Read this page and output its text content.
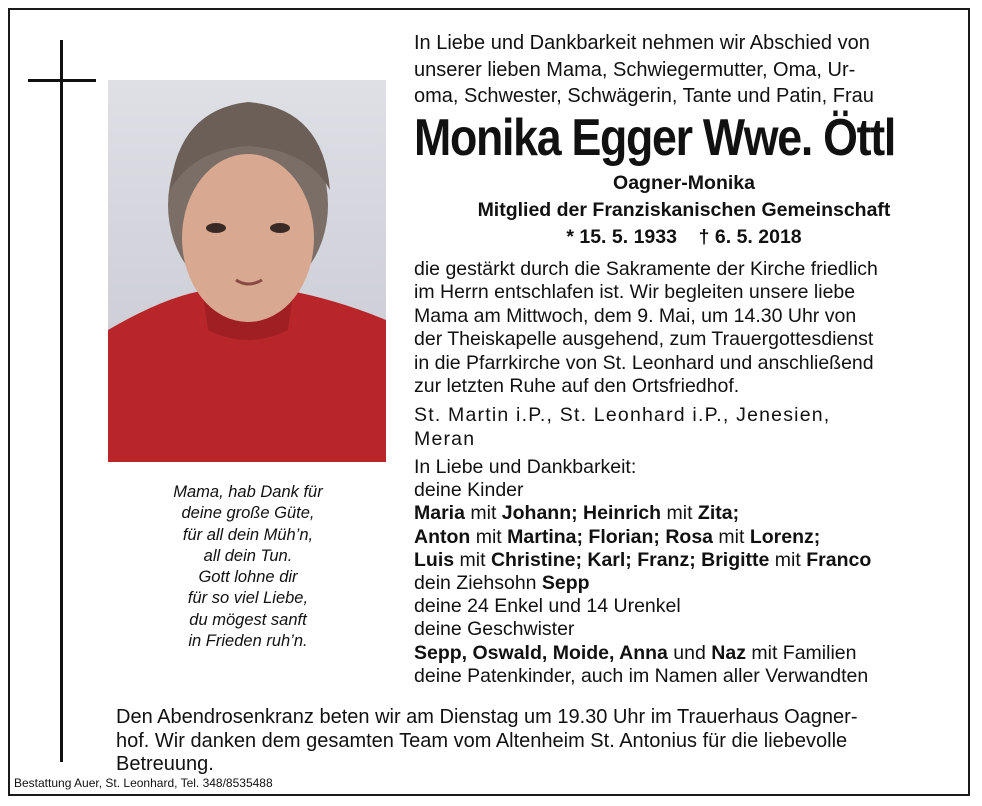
Mama, hab Dank für
deine große Güte,
für all dein Müh’n,
all dein Tun.
Gott lohne dir
für so viel Liebe,
du mögest sanft
in Frieden ruh’n.
In Liebe und Dankbarkeit nehmen wir Abschied von
unserer lieben Mama, Schwiegermutter, Oma, Ur-
oma, Schwester, Schwägerin, Tante und Patin, Frau
Monika Egger Wwe. Öttl
Oagner-Monika
Mitglied der Franziskanischen Gemeinschaft
* 15. 5. 1933 † 6. 5. 2018
die gestärkt durch die Sakramente der Kirche friedlich
im Herrn entschlafen ist. Wir begleiten unsere liebe
Mama am Mittwoch, dem 9. Mai, um 14.30 Uhr von
der Theiskapelle ausgehend, zum Trauergottesdienst
in die Pfarrkirche von St. Leonhard und anschließend
zur letzten Ruhe auf den Ortsfriedhof.
St. Martin i.P., St. Leonhard i.P., Jenesien,
Meran
In Liebe und Dankbarkeit:
deine Kinder
Maria mit Johann; Heinrich mit Zita;
Anton mit Martina; Florian; Rosa mit Lorenz;
Luis mit Christine; Karl; Franz; Brigitte mit Franco
dein Ziehsohn Sepp
deine 24 Enkel und 14 Urenkel
deine Geschwister
Sepp, Oswald, Moide, Anna und Naz mit Familien
deine Patenkinder, auch im Namen aller Verwandten
Den Abendrosenkranz beten wir am Dienstag um 19.30 Uhr im Trauerhaus Oagner-
hof. Wir danken dem gesamten Team vom Altenheim St. Antonius für die liebevolle
Betreuung.
Bestattung Auer, St. Leonhard, Tel. 348/8535488
